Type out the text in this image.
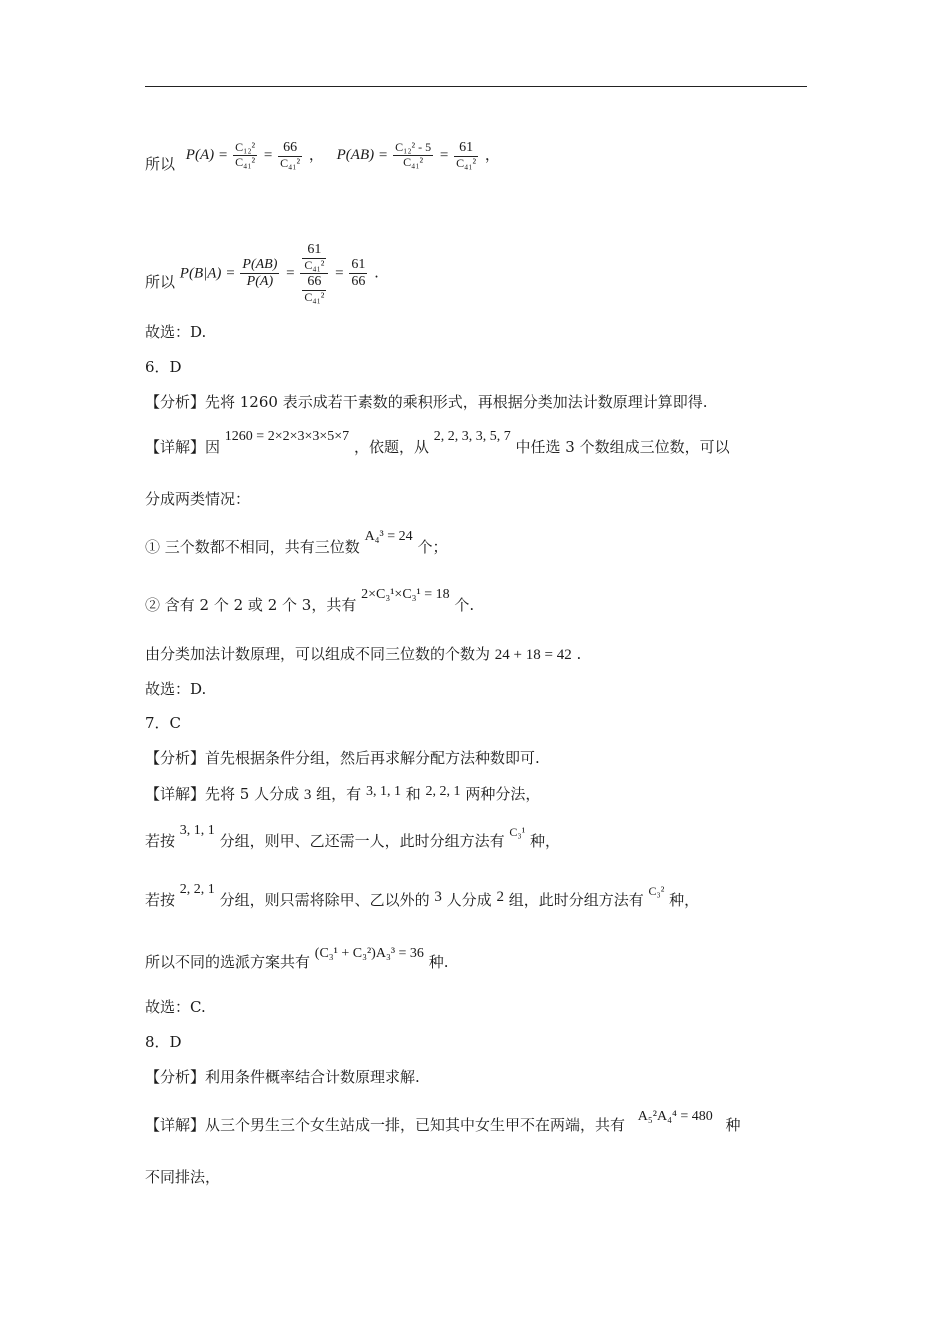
所以 $P(A) = \frac{\text{C₁₂²}}{\text{C₄₁²}} = \frac{66}{\text{C₄₁²}}$ ， $P(AB) = \frac{\text{C₁₂² - 5}}{\text{C₄₁²}} = \frac{61}{\text{C₄₁²}}$ ，
所以 $P(B|A) = \frac{P(AB)}{P(A)} = \frac{\frac{61}{\text{C₄₁²}}}{\frac{66}{\text{C₄₁²}}} = \frac{61}{66}$ .
故选：D.
6．D
【分析】先将 1260 表示成若干素数的乘积形式，再根据分类加法计数原理计算即得.
【详解】因 1260 = 2×2×3×3×5×7 ，依题，从 2, 2, 3, 3, 5, 7 中任选 3 个数组成三位数，可以
分成两类情况：
① 三个数都不相同，共有三位数 A₄³ = 24 个；
② 含有 2 个 2 或 2 个 3，共有 2×C₃¹×C₃¹ = 18 个.
由分类加法计数原理，可以组成不同三位数的个数为 24 + 18 = 42 .
故选：D.
7．C
【分析】首先根据条件分组，然后再求解分配方法种数即可.
【详解】先将 5 人分成 3 组，有 3, 1, 1 和 2, 2, 1 两种分法，
若按 3, 1, 1 分组，则甲、乙还需一人，此时分组方法有 $^{C_3^1}$ 种，
若按 2, 2, 1 分组，则只需将除甲、乙以外的 3 人分成 2 组，此时分组方法有 $^{C_3^2}$ 种，
所以不同的选派方案共有 (C₃¹ + C₃²)A₃³ = 36 种.
故选：C.
8．D
【分析】利用条件概率结合计数原理求解.
【详解】从三个男生三个女生站成一排，已知其中女生甲不在两端，共有 A₅²A₄⁴ = 480 种
不同排法，
